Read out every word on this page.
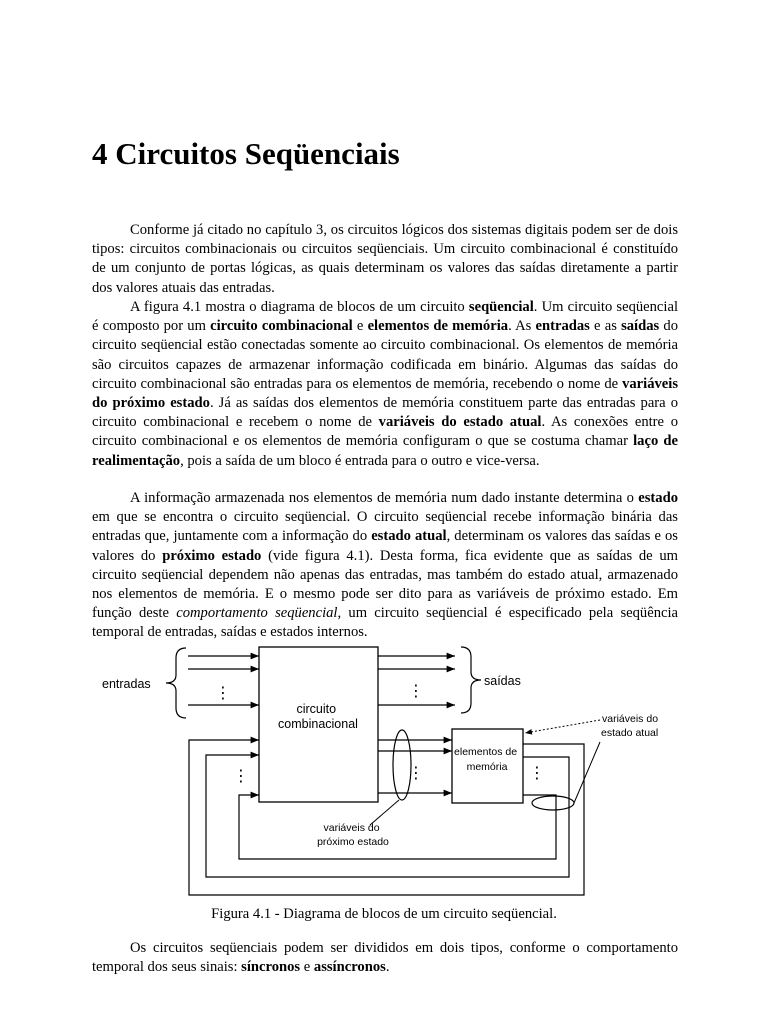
4 Circuitos Seqüenciais

Conforme já citado no capítulo 3, os circuitos lógicos dos sistemas digitais podem ser de dois tipos: circuitos combinacionais ou circuitos seqüenciais. Um circuito combinacional é constituído de um conjunto de portas lógicas, as quais determinam os valores das saídas diretamente a partir dos valores atuais das entradas.

A figura 4.1 mostra o diagrama de blocos de um circuito seqüencial. Um circuito seqüencial é composto por um circuito combinacional e elementos de memória. As entradas e as saídas do circuito seqüencial estão conectadas somente ao circuito combinacional. Os elementos de memória são circuitos capazes de armazenar informação codificada em binário. Algumas das saídas do circuito combinacional são entradas para os elementos de memória, recebendo o nome de variáveis do próximo estado. Já as saídas dos elementos de memória constituem parte das entradas para o circuito combinacional e recebem o nome de variáveis do estado atual. As conexões entre o circuito combinacional e os elementos de memória configuram o que se costuma chamar laço de realimentação, pois a saída de um bloco é entrada para o outro e vice-versa.

A informação armazenada nos elementos de memória num dado instante determina o estado em que se encontra o circuito seqüencial. O circuito seqüencial recebe informação binária das entradas que, juntamente com a informação do estado atual, determinam os valores das saídas e os valores do próximo estado (vide figura 4.1). Desta forma, fica evidente que as saídas de um circuito seqüencial dependem não apenas das entradas, mas também do estado atual, armazenado nos elementos de memória. E o mesmo pode ser dito para as variáveis de próximo estado. Em função deste comportamento seqüencial, um circuito seqüencial é especificado pela seqüência temporal de entradas, saídas e estados internos.

⋮
entradas	⋮
saídas
circuito combinacional
elementos de memória
⋮
variáveis do próximo estado
⋮	⋮
variáveis do estado atual

Figura 4.1 - Diagrama de blocos de um circuito seqüencial.

Os circuitos seqüenciais podem ser divididos em dois tipos, conforme o comportamento temporal dos seus sinais: síncronos e assíncronos.
